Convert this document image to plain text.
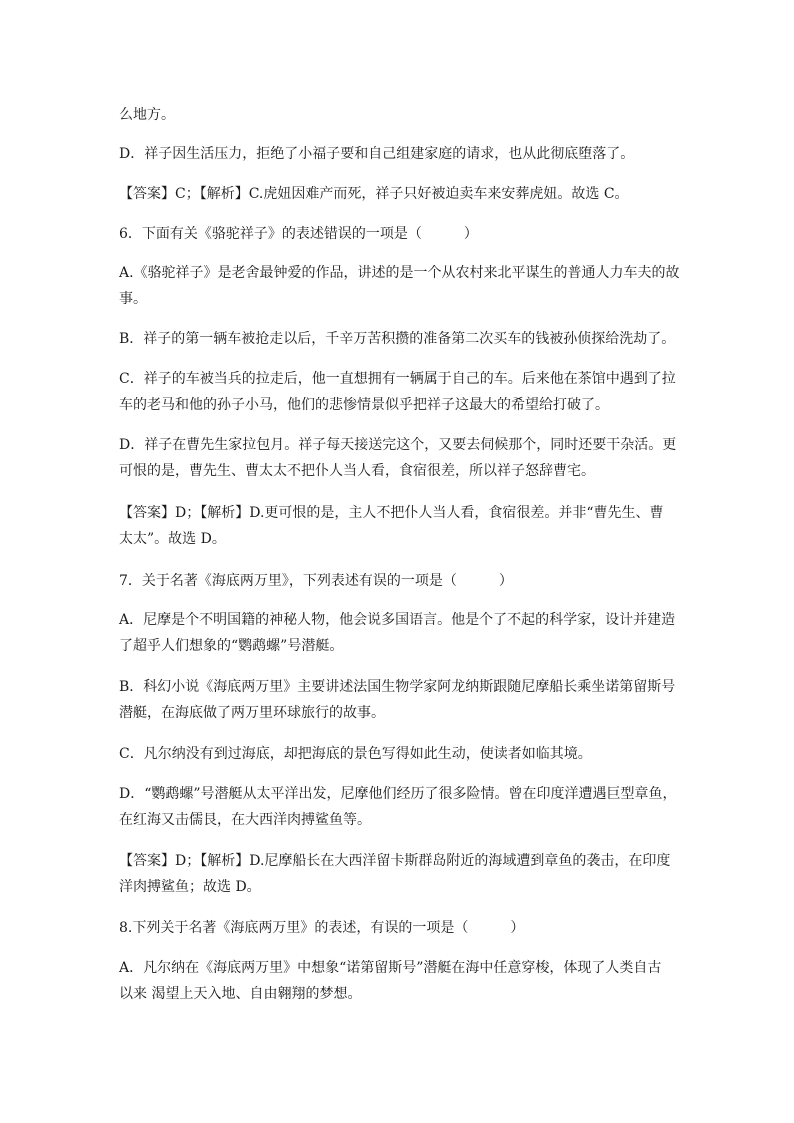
么地方。

D．祥子因生活压力，拒绝了小福子要和自己组建家庭的请求，也从此彻底堕落了。

【答案】C；【解析】C.虎妞因难产而死，祥子只好被迫卖车来安葬虎妞。故选 C。

6．下面有关《骆驼祥子》的表述错误的一项是（　　　）

A.《骆驼祥子》是老舍最钟爱的作品，讲述的是一个从农村来北平谋生的普通人力车夫的故
事。

B．祥子的第一辆车被抢走以后，千辛万苦积攒的准备第二次买车的钱被孙侦探给洗劫了。

C．祥子的车被当兵的拉走后，他一直想拥有一辆属于自己的车。后来他在茶馆中遇到了拉
车的老马和他的孙子小马，他们的悲惨情景似乎把祥子这最大的希望给打破了。

D．祥子在曹先生家拉包月。祥子每天接送完这个，又要去伺候那个，同时还要干杂活。更
可恨的是，曹先生、曹太太不把仆人当人看，食宿很差，所以祥子怒辞曹宅。

【答案】D；【解析】D.更可恨的是，主人不把仆人当人看，食宿很差。并非“曹先生、曹
太太”。故选 D。

7．关于名著《海底两万里》，下列表述有误的一项是（　　　）

A．尼摩是个不明国籍的神秘人物，他会说多国语言。他是个了不起的科学家，设计并建造
了超乎人们想象的“鹦鹉螺”号潜艇。

B．科幻小说《海底两万里》主要讲述法国生物学家阿龙纳斯跟随尼摩船长乘坐诺第留斯号
潜艇，在海底做了两万里环球旅行的故事。

C．凡尔纳没有到过海底，却把海底的景色写得如此生动，使读者如临其境。

D．“鹦鹉螺”号潜艇从太平洋出发，尼摩他们经历了很多险情。曾在印度洋遭遇巨型章鱼，
在红海又击儒艮，在大西洋肉搏鲨鱼等。

【答案】D；【解析】D.尼摩船长在大西洋留卡斯群岛附近的海域遭到章鱼的袭击，在印度
洋肉搏鲨鱼；故选 D。

8.下列关于名著《海底两万里》的表述，有误的一项是（　　　）

A．凡尔纳在《海底两万里》中想象“诺第留斯号”潜艇在海中任意穿梭，体现了人类自古
以来 渴望上天入地、自由翱翔的梦想。
